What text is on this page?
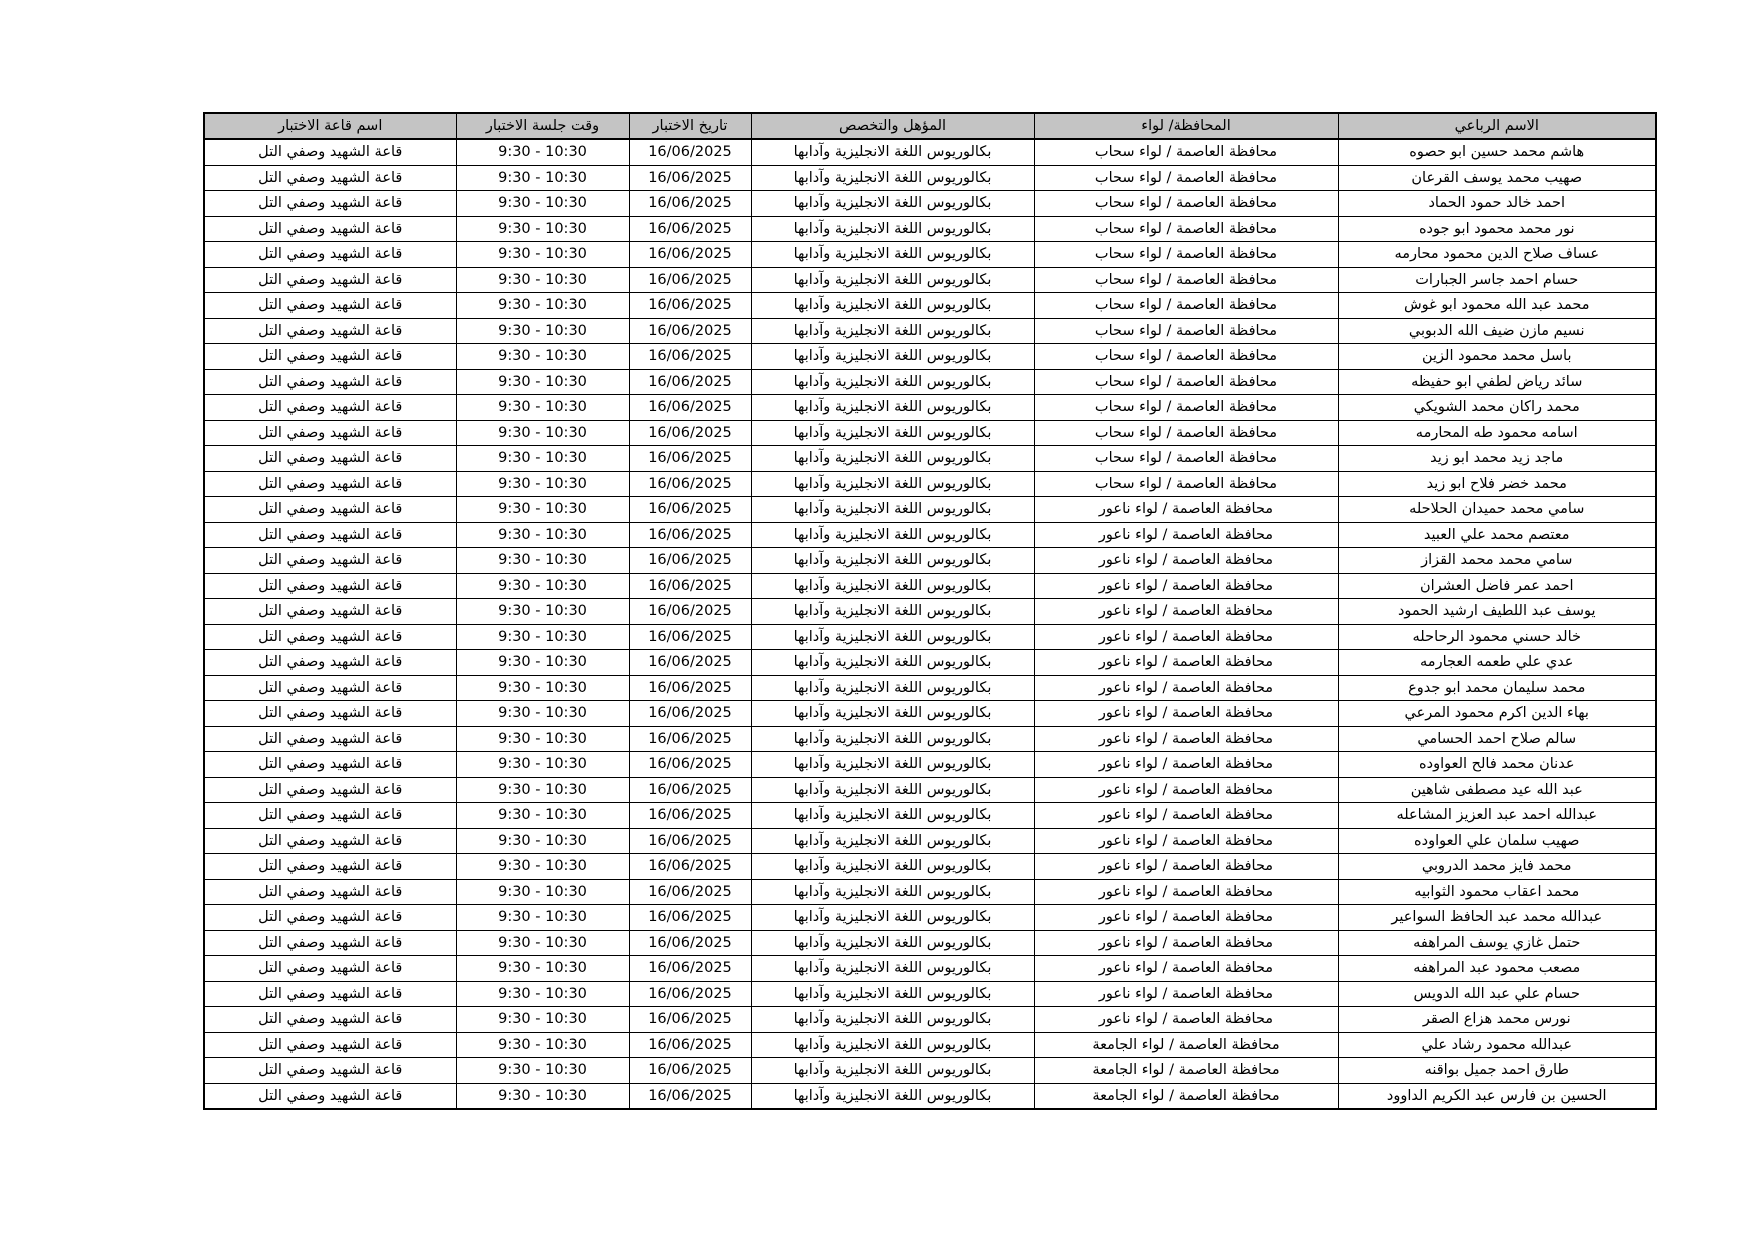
اسم قاعة الاختبار	وقت جلسة الاختبار	تاريخ الاختبار	المؤهل والتخصص	المحافظة/ لواء	الاسم الرباعي
قاعة الشهيد وصفي التل	9:30 - 10:30	16/06/2025	بكالوريوس اللغة الانجليزية وآدابها	محافظة العاصمة / لواء سحاب	هاشم محمد حسين ابو حصوه
قاعة الشهيد وصفي التل	9:30 - 10:30	16/06/2025	بكالوريوس اللغة الانجليزية وآدابها	محافظة العاصمة / لواء سحاب	صهيب محمد يوسف القرعان
قاعة الشهيد وصفي التل	9:30 - 10:30	16/06/2025	بكالوريوس اللغة الانجليزية وآدابها	محافظة العاصمة / لواء سحاب	احمد خالد حمود الحماد
قاعة الشهيد وصفي التل	9:30 - 10:30	16/06/2025	بكالوريوس اللغة الانجليزية وآدابها	محافظة العاصمة / لواء سحاب	نور محمد محمود ابو جوده
قاعة الشهيد وصفي التل	9:30 - 10:30	16/06/2025	بكالوريوس اللغة الانجليزية وآدابها	محافظة العاصمة / لواء سحاب	عساف صلاح الدين محمود محارمه
قاعة الشهيد وصفي التل	9:30 - 10:30	16/06/2025	بكالوريوس اللغة الانجليزية وآدابها	محافظة العاصمة / لواء سحاب	حسام احمد جاسر الجبارات
قاعة الشهيد وصفي التل	9:30 - 10:30	16/06/2025	بكالوريوس اللغة الانجليزية وآدابها	محافظة العاصمة / لواء سحاب	محمد عبد الله محمود ابو غوش
قاعة الشهيد وصفي التل	9:30 - 10:30	16/06/2025	بكالوريوس اللغة الانجليزية وآدابها	محافظة العاصمة / لواء سحاب	نسيم مازن ضيف الله الدبوبي
قاعة الشهيد وصفي التل	9:30 - 10:30	16/06/2025	بكالوريوس اللغة الانجليزية وآدابها	محافظة العاصمة / لواء سحاب	باسل محمد محمود الزين
قاعة الشهيد وصفي التل	9:30 - 10:30	16/06/2025	بكالوريوس اللغة الانجليزية وآدابها	محافظة العاصمة / لواء سحاب	سائد رياض لطفي ابو حفيظه
قاعة الشهيد وصفي التل	9:30 - 10:30	16/06/2025	بكالوريوس اللغة الانجليزية وآدابها	محافظة العاصمة / لواء سحاب	محمد راكان محمد الشويكي
قاعة الشهيد وصفي التل	9:30 - 10:30	16/06/2025	بكالوريوس اللغة الانجليزية وآدابها	محافظة العاصمة / لواء سحاب	اسامه محمود طه المحارمه
قاعة الشهيد وصفي التل	9:30 - 10:30	16/06/2025	بكالوريوس اللغة الانجليزية وآدابها	محافظة العاصمة / لواء سحاب	ماجد زيد محمد ابو زيد
قاعة الشهيد وصفي التل	9:30 - 10:30	16/06/2025	بكالوريوس اللغة الانجليزية وآدابها	محافظة العاصمة / لواء سحاب	محمد خضر فلاح ابو زيد
قاعة الشهيد وصفي التل	9:30 - 10:30	16/06/2025	بكالوريوس اللغة الانجليزية وآدابها	محافظة العاصمة / لواء ناعور	سامي محمد حميدان الحلاحله
قاعة الشهيد وصفي التل	9:30 - 10:30	16/06/2025	بكالوريوس اللغة الانجليزية وآدابها	محافظة العاصمة / لواء ناعور	معتصم محمد علي العبيد
قاعة الشهيد وصفي التل	9:30 - 10:30	16/06/2025	بكالوريوس اللغة الانجليزية وآدابها	محافظة العاصمة / لواء ناعور	سامي محمد محمد القزاز
قاعة الشهيد وصفي التل	9:30 - 10:30	16/06/2025	بكالوريوس اللغة الانجليزية وآدابها	محافظة العاصمة / لواء ناعور	احمد عمر فاضل العشران
قاعة الشهيد وصفي التل	9:30 - 10:30	16/06/2025	بكالوريوس اللغة الانجليزية وآدابها	محافظة العاصمة / لواء ناعور	يوسف عبد اللطيف ارشيد الحمود
قاعة الشهيد وصفي التل	9:30 - 10:30	16/06/2025	بكالوريوس اللغة الانجليزية وآدابها	محافظة العاصمة / لواء ناعور	خالد حسني محمود الرحاحله
قاعة الشهيد وصفي التل	9:30 - 10:30	16/06/2025	بكالوريوس اللغة الانجليزية وآدابها	محافظة العاصمة / لواء ناعور	عدي علي طعمه العجارمه
قاعة الشهيد وصفي التل	9:30 - 10:30	16/06/2025	بكالوريوس اللغة الانجليزية وآدابها	محافظة العاصمة / لواء ناعور	محمد سليمان محمد ابو جدوع
قاعة الشهيد وصفي التل	9:30 - 10:30	16/06/2025	بكالوريوس اللغة الانجليزية وآدابها	محافظة العاصمة / لواء ناعور	بهاء الدين اكرم محمود المرعي
قاعة الشهيد وصفي التل	9:30 - 10:30	16/06/2025	بكالوريوس اللغة الانجليزية وآدابها	محافظة العاصمة / لواء ناعور	سالم صلاح احمد الحسامي
قاعة الشهيد وصفي التل	9:30 - 10:30	16/06/2025	بكالوريوس اللغة الانجليزية وآدابها	محافظة العاصمة / لواء ناعور	عدنان محمد فالح العواوده
قاعة الشهيد وصفي التل	9:30 - 10:30	16/06/2025	بكالوريوس اللغة الانجليزية وآدابها	محافظة العاصمة / لواء ناعور	عبد الله عيد مصطفى شاهين
قاعة الشهيد وصفي التل	9:30 - 10:30	16/06/2025	بكالوريوس اللغة الانجليزية وآدابها	محافظة العاصمة / لواء ناعور	عبدالله احمد عبد العزيز المشاعله
قاعة الشهيد وصفي التل	9:30 - 10:30	16/06/2025	بكالوريوس اللغة الانجليزية وآدابها	محافظة العاصمة / لواء ناعور	صهيب سلمان علي العواوده
قاعة الشهيد وصفي التل	9:30 - 10:30	16/06/2025	بكالوريوس اللغة الانجليزية وآدابها	محافظة العاصمة / لواء ناعور	محمد فايز محمد الدروبي
قاعة الشهيد وصفي التل	9:30 - 10:30	16/06/2025	بكالوريوس اللغة الانجليزية وآدابها	محافظة العاصمة / لواء ناعور	محمد اعقاب محمود الثوابيه
قاعة الشهيد وصفي التل	9:30 - 10:30	16/06/2025	بكالوريوس اللغة الانجليزية وآدابها	محافظة العاصمة / لواء ناعور	عبدالله محمد عبد الحافظ السواعير
قاعة الشهيد وصفي التل	9:30 - 10:30	16/06/2025	بكالوريوس اللغة الانجليزية وآدابها	محافظة العاصمة / لواء ناعور	حتمل غازي يوسف المراهفه
قاعة الشهيد وصفي التل	9:30 - 10:30	16/06/2025	بكالوريوس اللغة الانجليزية وآدابها	محافظة العاصمة / لواء ناعور	مصعب محمود عبد المراهفه
قاعة الشهيد وصفي التل	9:30 - 10:30	16/06/2025	بكالوريوس اللغة الانجليزية وآدابها	محافظة العاصمة / لواء ناعور	حسام علي عبد الله الدويس
قاعة الشهيد وصفي التل	9:30 - 10:30	16/06/2025	بكالوريوس اللغة الانجليزية وآدابها	محافظة العاصمة / لواء ناعور	نورس محمد هزاع الصقر
قاعة الشهيد وصفي التل	9:30 - 10:30	16/06/2025	بكالوريوس اللغة الانجليزية وآدابها	محافظة العاصمة / لواء الجامعة	عبدالله محمود رشاد علي
قاعة الشهيد وصفي التل	9:30 - 10:30	16/06/2025	بكالوريوس اللغة الانجليزية وآدابها	محافظة العاصمة / لواء الجامعة	طارق احمد جميل بواقنه
قاعة الشهيد وصفي التل	9:30 - 10:30	16/06/2025	بكالوريوس اللغة الانجليزية وآدابها	محافظة العاصمة / لواء الجامعة	الحسين بن فارس عبد الكريم الداوود
